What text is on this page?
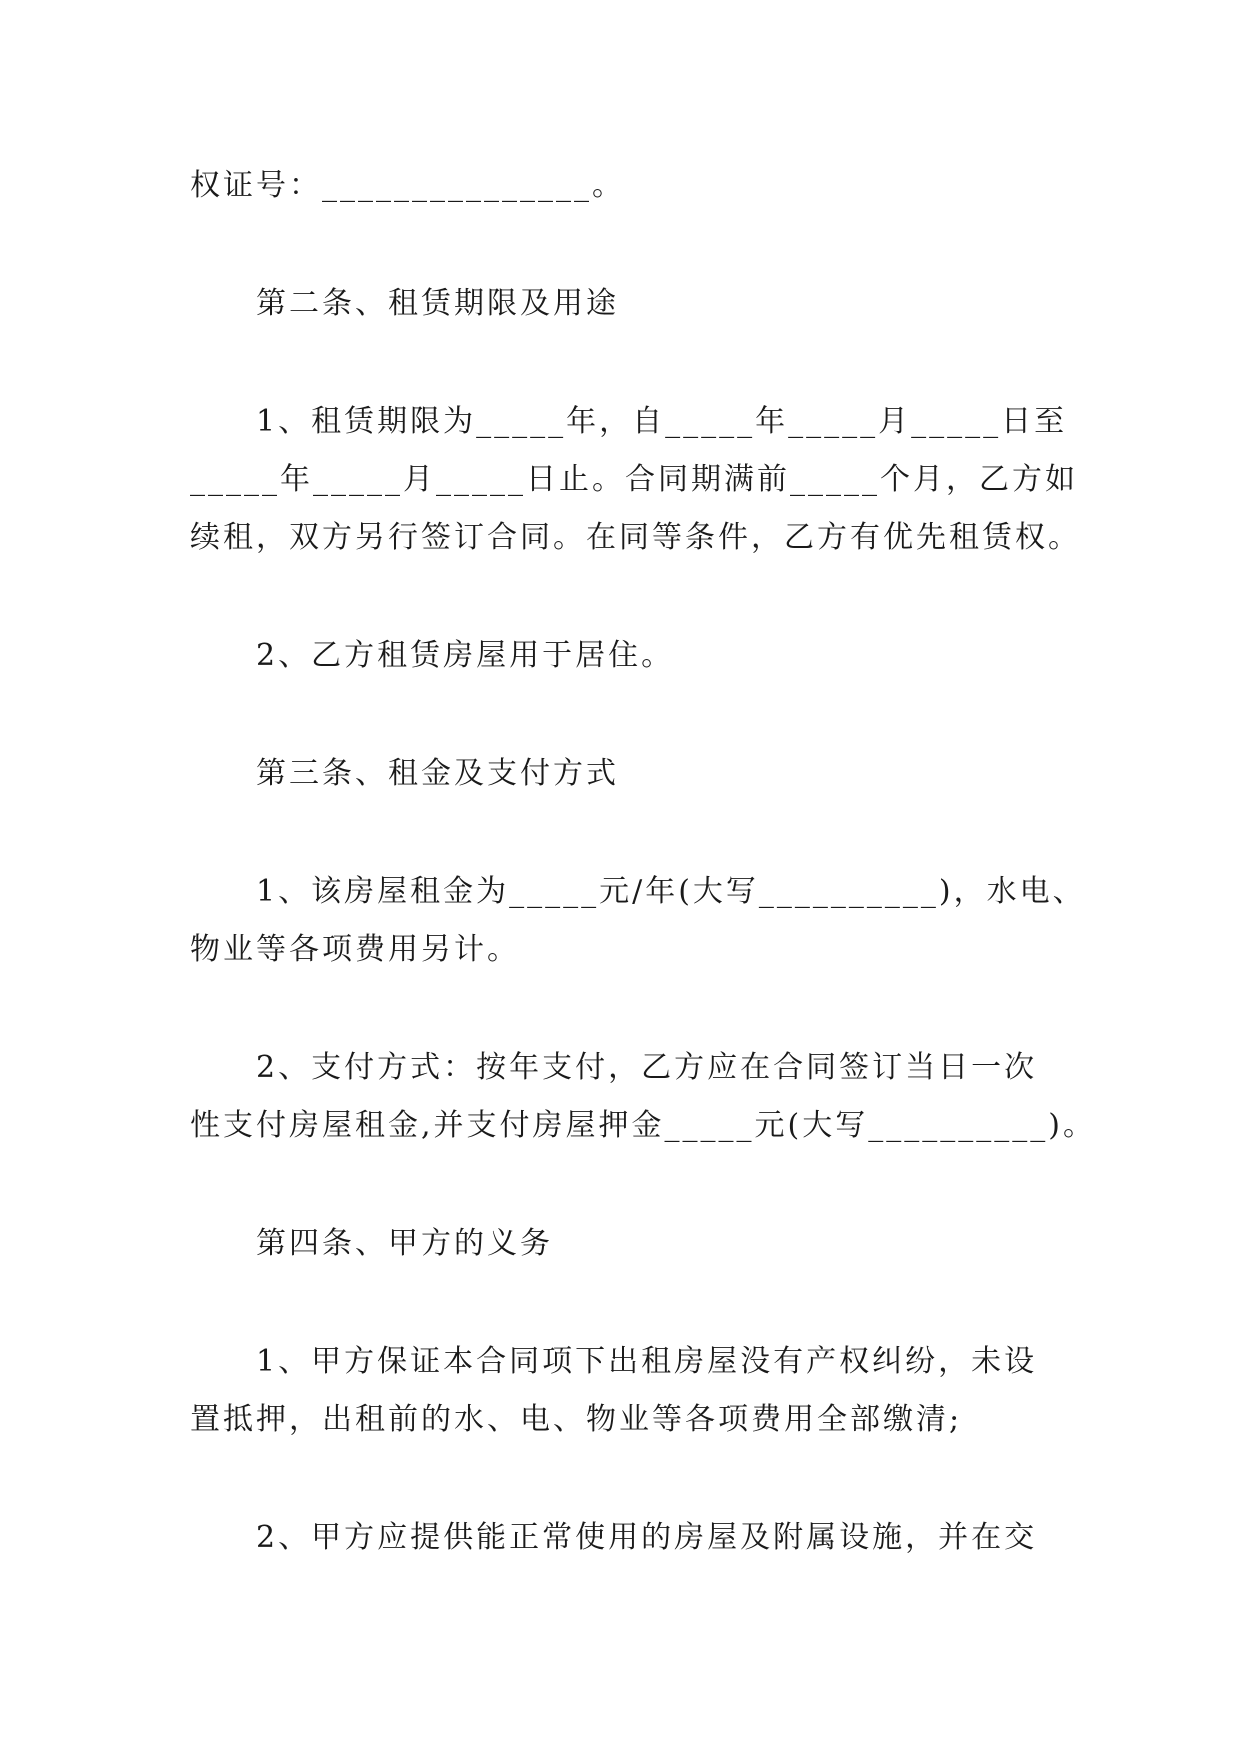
权证号：_______________。
第二条、租赁期限及用途
1、租赁期限为_____年，自_____年_____月_____日至
_____年_____月_____日止。合同期满前_____个月，乙方如
续租，双方另行签订合同。在同等条件，乙方有优先租赁权。
2、乙方租赁房屋用于居住。
第三条、租金及支付方式
1、该房屋租金为_____元/年(大写__________)，水电、
物业等各项费用另计。
2、支付方式：按年支付，乙方应在合同签订当日一次
性支付房屋租金,并支付房屋押金_____元(大写__________)。
第四条、甲方的义务
1、甲方保证本合同项下出租房屋没有产权纠纷，未设
置抵押，出租前的水、电、物业等各项费用全部缴清;
2、甲方应提供能正常使用的房屋及附属设施，并在交
